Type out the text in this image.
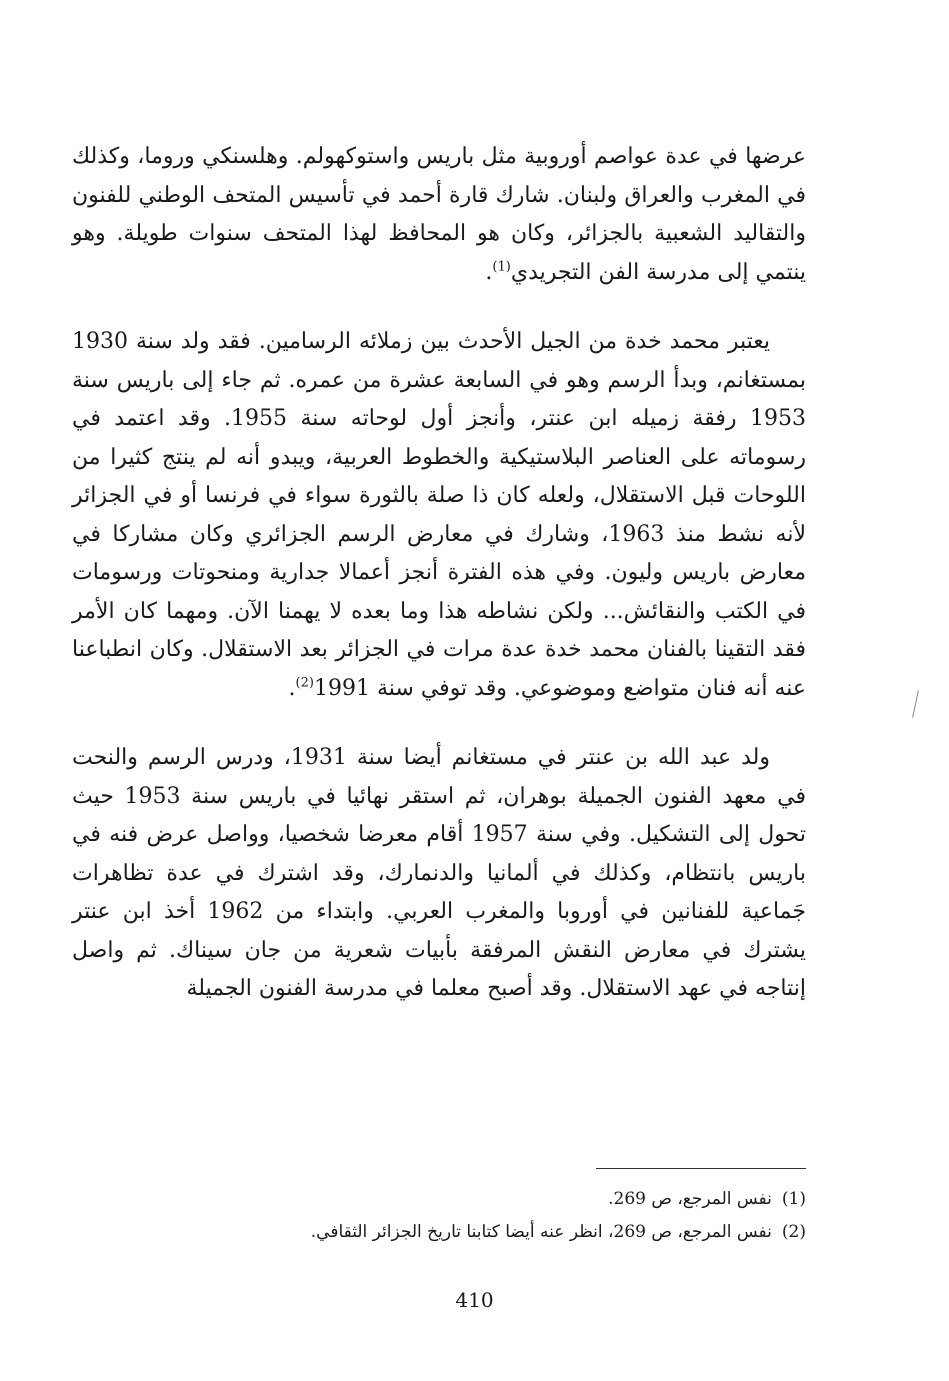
عرضها في عدة عواصم أوروبية مثل باريس واستوكهولم. وهلسنكي وروما، وكذلك في المغرب والعراق ولبنان. شارك قارة أحمد في تأسيس المتحف الوطني للفنون والتقاليد الشعبية بالجزائر، وكان هو المحافظ لهذا المتحف سنوات طويلة. وهو ينتمي إلى مدرسة الفن التجريدي$^{(1)}$.

يعتبر محمد خدة من الجيل الأحدث بين زملائه الرسامين. فقد ولد سنة 1930 بمستغانم، وبدأ الرسم وهو في السابعة عشرة من عمره. ثم جاء إلى باريس سنة 1953 رفقة زميله ابن عنتر، وأنجز أول لوحاته سنة 1955. وقد اعتمد في رسوماته على العناصر البلاستيكية والخطوط العربية، ويبدو أنه لم ينتج كثيرا من اللوحات قبل الاستقلال، ولعله كان ذا صلة بالثورة سواء في فرنسا أو في الجزائر لأنه نشط منذ 1963، وشارك في معارض الرسم الجزائري وكان مشاركا في معارض باريس وليون. وفي هذه الفترة أنجز أعمالا جدارية ومنحوتات ورسومات في الكتب والنقائش... ولكن نشاطه هذا وما بعده لا يهمنا الآن. ومهما كان الأمر فقد التقينا بالفنان محمد خدة عدة مرات في الجزائر بعد الاستقلال. وكان انطباعنا عنه أنه فنان متواضع وموضوعي. وقد توفي سنة 1991$^{(2)}$.

ولد عبد الله بن عنتر في مستغانم أيضا سنة 1931، ودرس الرسم والنحت في معهد الفنون الجميلة بوهران، ثم استقر نهائيا في باريس سنة 1953 حيث تحول إلى التشكيل. وفي سنة 1957 أقام معرضا شخصيا، وواصل عرض فنه في باريس بانتظام، وكذلك في ألمانيا والدنمارك، وقد اشترك في عدة تظاهرات جَماعية للفنانين في أوروبا والمغرب العربي. وابتداء من 1962 أخذ ابن عنتر يشترك في معارض النقش المرفقة بأبيات شعرية من جان سيناك. ثم واصل إنتاجه في عهد الاستقلال. وقد أصبح معلما في مدرسة الفنون الجميلة

(1)نفس المرجع، ص 269.
(2)نفس المرجع، ص 269، انظر عنه أيضا كتابنا تاريخ الجزائر الثقافي.
410
